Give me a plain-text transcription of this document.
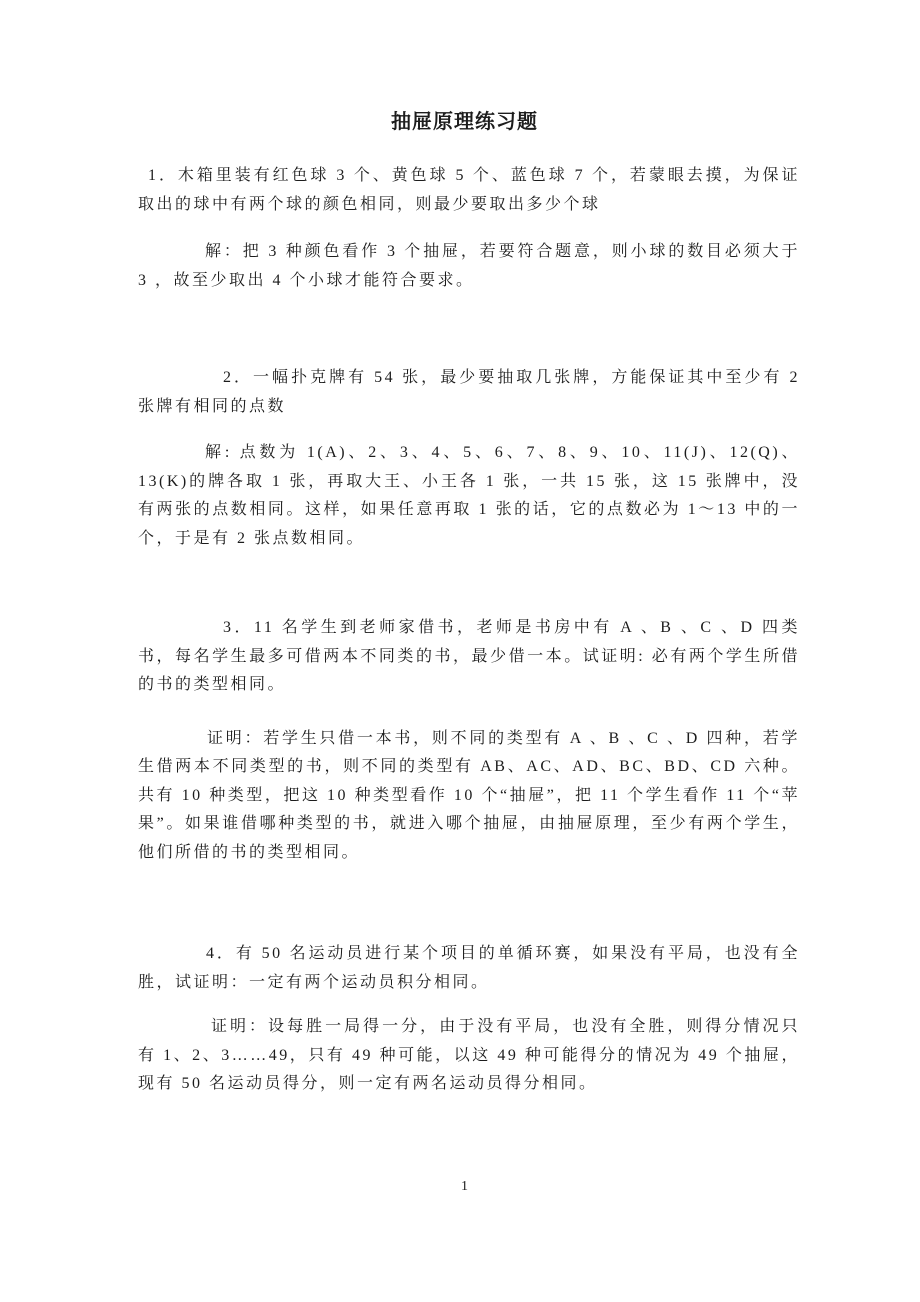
抽屉原理练习题

1．木箱里装有红色球 3 个、黄色球 5 个、蓝色球 7 个，若蒙眼去摸，为保证取出的球中有两个球的颜色相同，则最少要取出多少个球

解：把 3 种颜色看作 3 个抽屉，若要符合题意，则小球的数目必须大于 3 ，故至少取出 4 个小球才能符合要求。

2．一幅扑克牌有 54 张，最少要抽取几张牌，方能保证其中至少有 2 张牌有相同的点数

解: 点数为 1(A)、2、3、4、5、6、7、8、9、10、11(J)、12(Q)、13(K)的牌各取 1 张，再取大王、小王各 1 张，一共 15 张，这 15 张牌中，没有两张的点数相同。这样，如果任意再取 1 张的话，它的点数必为 1～13 中的一个，于是有 2 张点数相同。

3．11 名学生到老师家借书，老师是书房中有 A 、B 、C 、D 四类书，每名学生最多可借两本不同类的书，最少借一本。试证明: 必有两个学生所借的书的类型相同。

证明：若学生只借一本书，则不同的类型有 A 、B 、C 、D 四种，若学生借两本不同类型的书，则不同的类型有 AB、AC、AD、BC、BD、CD 六种。共有 10 种类型，把这 10 种类型看作 10 个“抽屉”，把 11 个学生看作 11 个“苹果”。如果谁借哪种类型的书，就进入哪个抽屉，由抽屉原理，至少有两个学生，他们所借的书的类型相同。

4．有 50 名运动员进行某个项目的单循环赛，如果没有平局，也没有全胜，试证明：一定有两个运动员积分相同。

证明：设每胜一局得一分，由于没有平局，也没有全胜，则得分情况只有 1、2、3……49，只有 49 种可能，以这 49 种可能得分的情况为 49 个抽屉，现有 50 名运动员得分，则一定有两名运动员得分相同。

1
